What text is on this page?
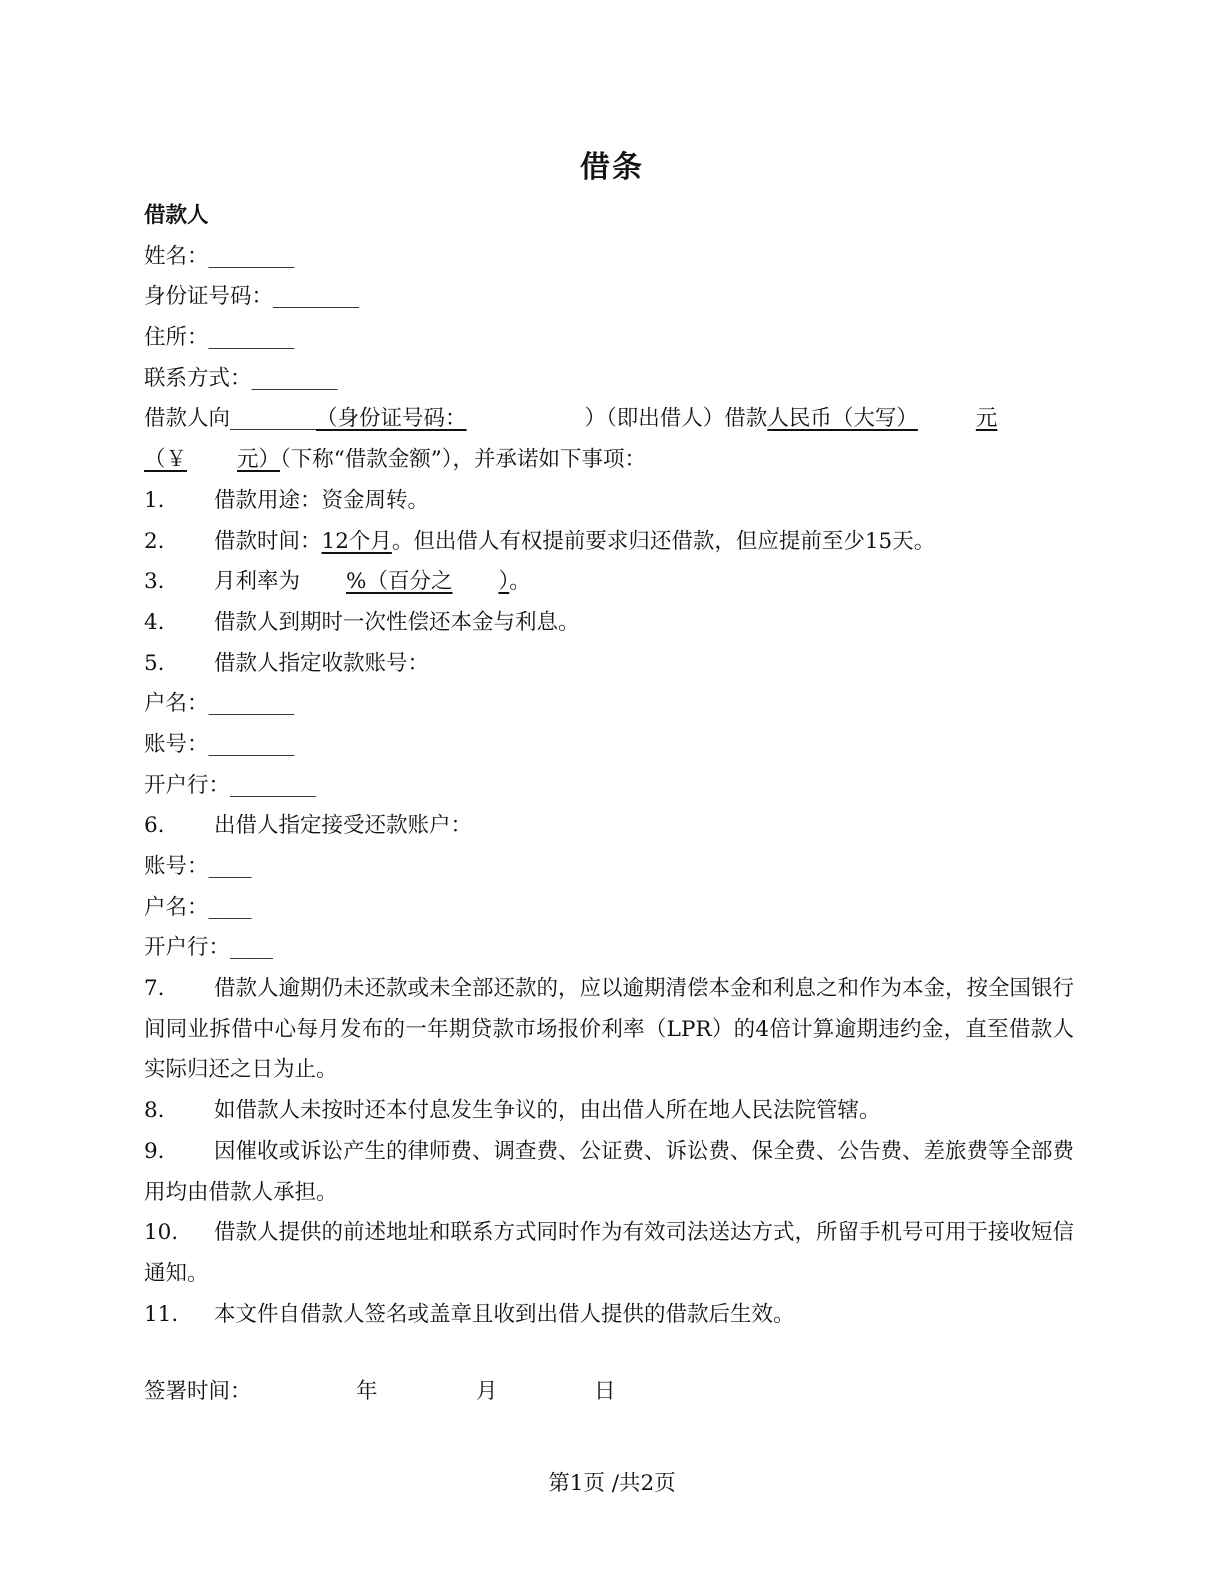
借条
借款人
姓名：________
身份证号码：________
住所：________
联系方式：________
借款人向________（身份证号码：	）（即出借人）借款人民币（大写）	元
（￥ 元）（下称“借款金额”），并承诺如下事项：
1. 借款用途：资金周转。
2. 借款时间：12个月。但出借人有权提前要求归还借款，但应提前至少15天。
3. 月利率为 %（百分之 ）。
4. 借款人到期时一次性偿还本金与利息。
5. 借款人指定收款账号：
户名：________
账号：________
开户行：________
6. 出借人指定接受还款账户：
账号：____
户名：____
开户行：____
7. 借款人逾期仍未还款或未全部还款的，应以逾期清偿本金和利息之和作为本金，按全国银行间同业拆借中心每月发布的一年期贷款市场报价利率（LPR）的4倍计算逾期违约金，直至借款人实际归还之日为止。
8. 如借款人未按时还本付息发生争议的，由出借人所在地人民法院管辖。
9. 因催收或诉讼产生的律师费、调查费、公证费、诉讼费、保全费、公告费、差旅费等全部费用均由借款人承担。
10. 借款人提供的前述地址和联系方式同时作为有效司法送达方式，所留手机号可用于接收短信通知。
11. 本文件自借款人签名或盖章且收到出借人提供的借款后生效。
签署时间：	年	月	日
第1页 /共2页
